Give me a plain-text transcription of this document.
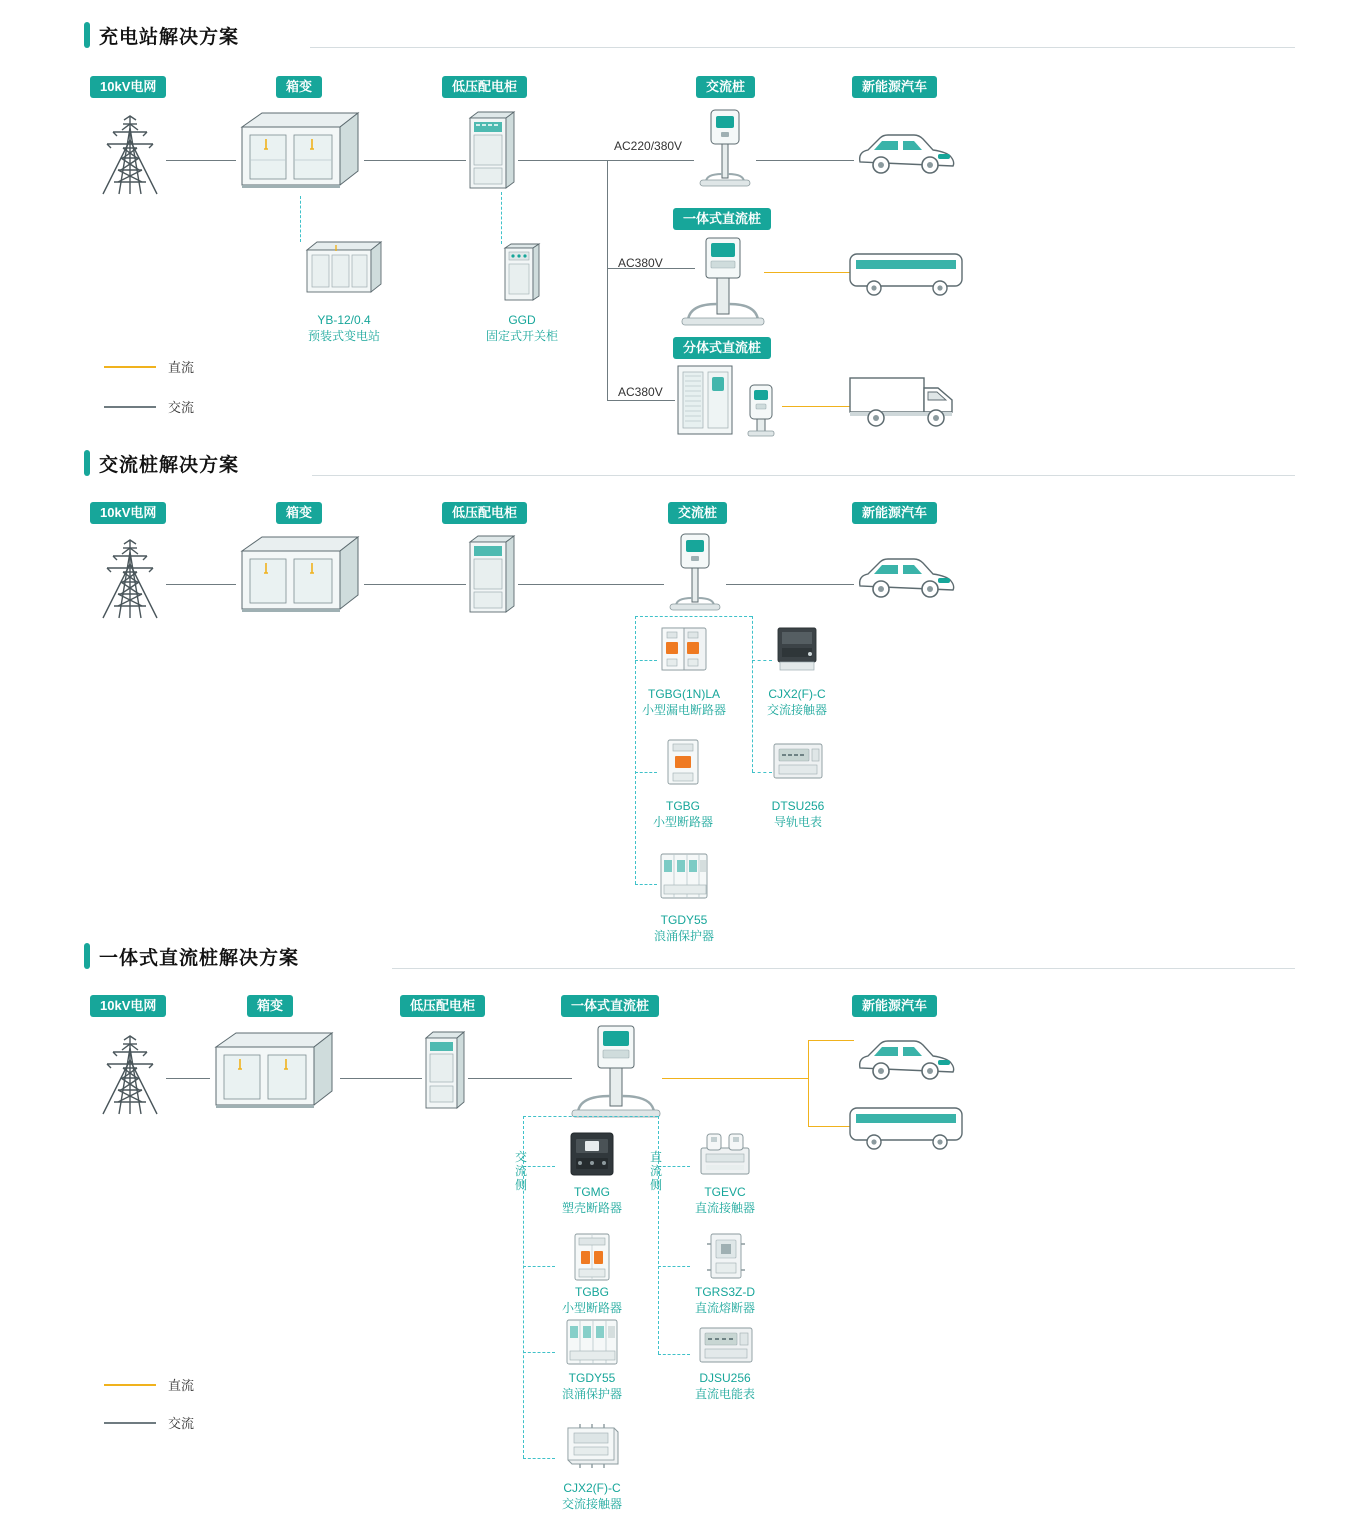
充电站解决方案
10kV电网	箱变	低压配电柜	交流桩	新能源汽车
AC220/380V
AC380V
AC380V
YB-12/0.4
预装式变电站
GGD
固定式开关柜
一体式直流桩
分体式直流桩
直流
交流
交流桩解决方案
10kV电网	箱变	低压配电柜	交流桩	新能源汽车
TGBG(1N)LA
小型漏电断路器
CJX2(F)-C
交流接触器
TGBG
小型断路器
DTSU256
导轨电表
TGDY55
浪涌保护器
一体式直流桩解决方案
10kV电网	箱变	低压配电柜	一体式直流桩	新能源汽车
交
流
侧
直
流
侧
TGMG
塑壳断路器
TGBG
小型断路器
TGDY55
浪涌保护器
CJX2(F)-C
交流接触器
TGEVC
直流接触器
TGRS3Z-D
直流熔断器
DJSU256
直流电能表
直流
交流
